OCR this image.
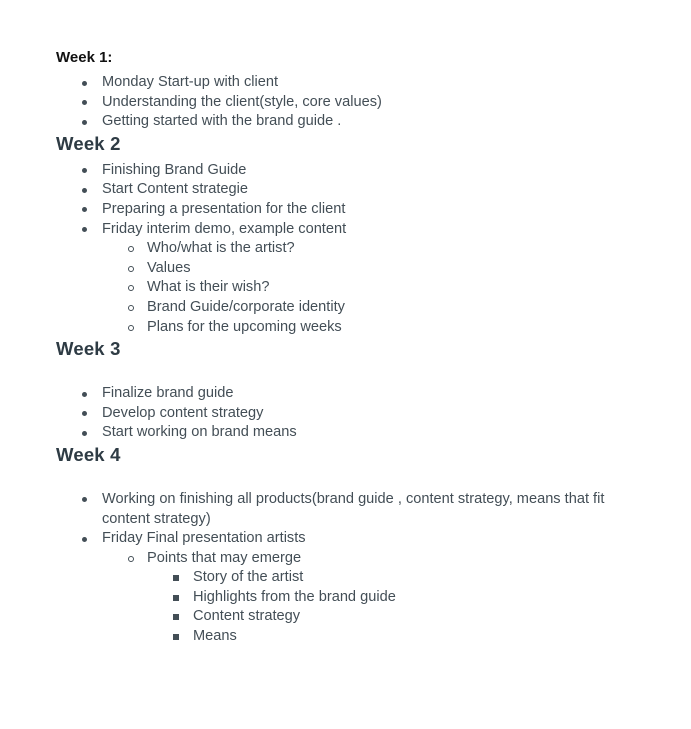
Week 1:
Monday Start-up with client
Understanding the client(style, core values)
Getting started with the brand guide .
Week 2
Finishing Brand Guide
Start Content strategie
Preparing a presentation for the client
Friday interim demo, example content
Who/what is the artist?
Values
What is their wish?
Brand Guide/corporate identity
Plans for the upcoming weeks
Week 3
Finalize brand guide
Develop content strategy
Start working on brand means
Week 4
Working on finishing all products(brand guide , content strategy, means that fit content strategy)
Friday Final presentation artists
Points that may emerge
Story of the artist
Highlights from the brand guide
Content strategy
Means
